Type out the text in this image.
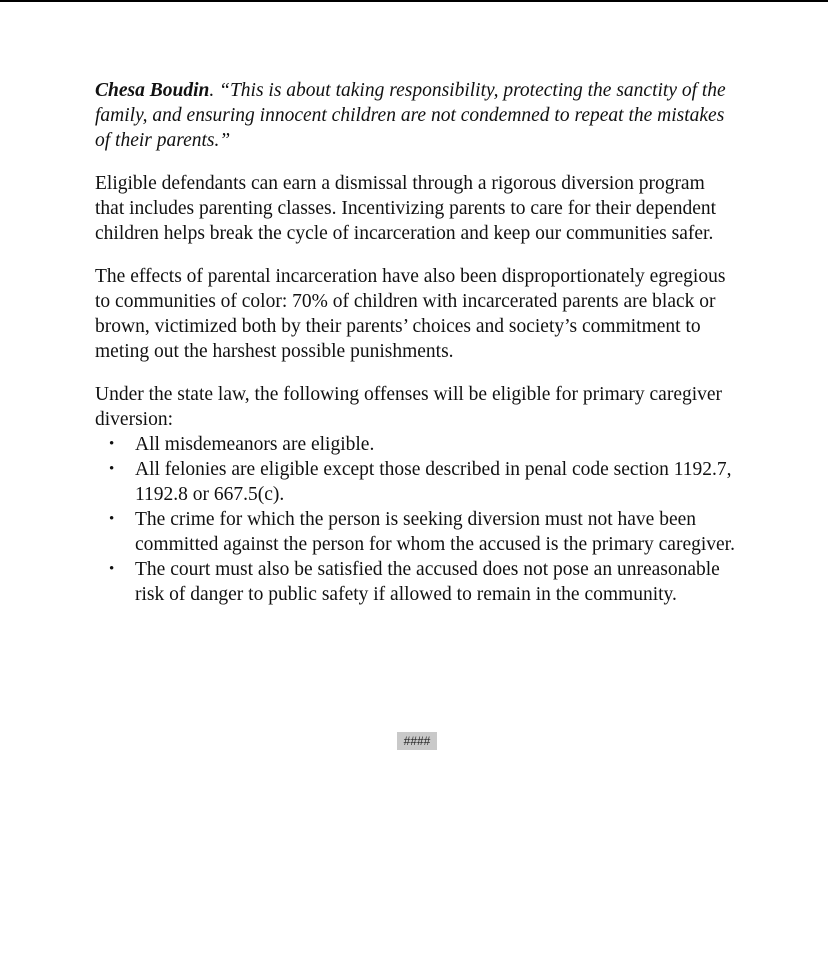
Chesa Boudin. “This is about taking responsibility, protecting the sanctity of the family, and ensuring innocent children are not condemned to repeat the mistakes of their parents.”

Eligible defendants can earn a dismissal through a rigorous diversion program that includes parenting classes. Incentivizing parents to care for their dependent children helps break the cycle of incarceration and keep our communities safer.

The effects of parental incarceration have also been disproportionately egregious to communities of color: 70% of children with incarcerated parents are black or brown, victimized both by their parents’ choices and society’s commitment to meting out the harshest possible punishments.

Under the state law, the following offenses will be eligible for primary caregiver diversion:

• All misdemeanors are eligible.
• All felonies are eligible except those described in penal code section 1192.7, 1192.8 or 667.5(c).
• The crime for which the person is seeking diversion must not have been committed against the person for whom the accused is the primary caregiver.
• The court must also be satisfied the accused does not pose an unreasonable risk of danger to public safety if allowed to remain in the community.
####
